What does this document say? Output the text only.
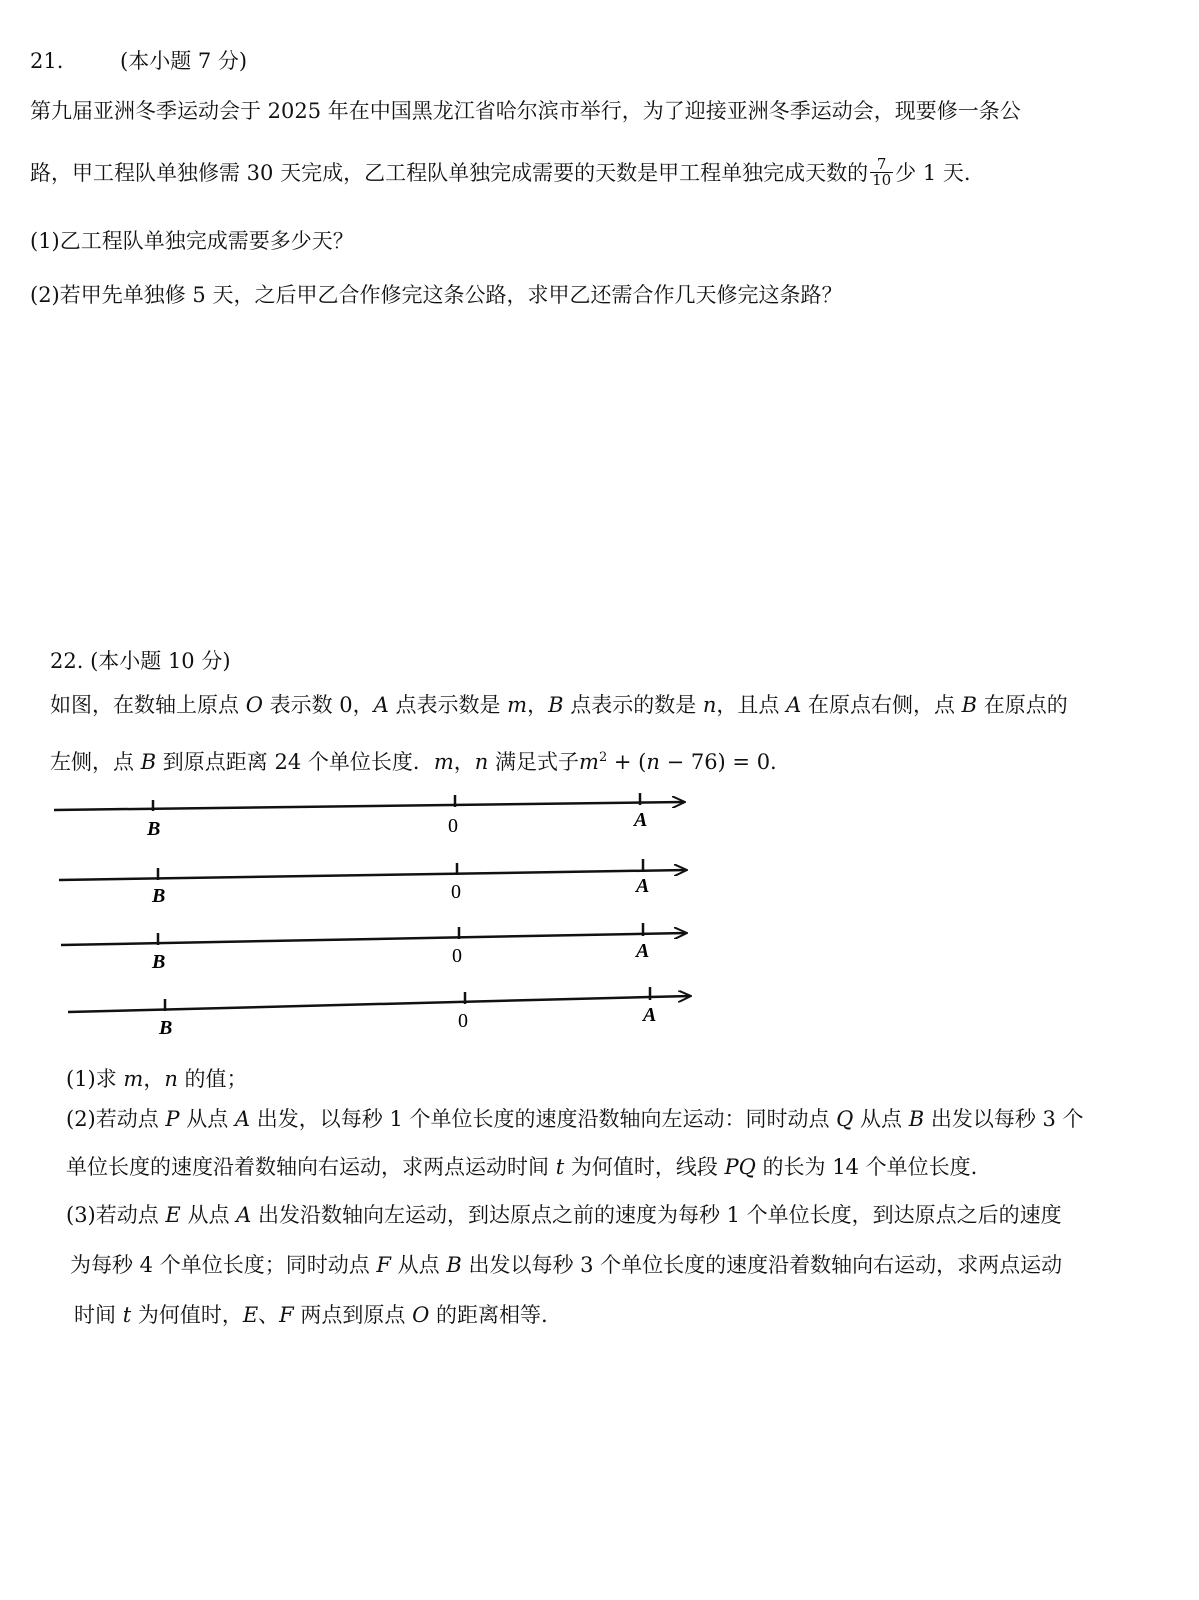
21.	(本小题 7 分)
第九届亚洲冬季运动会于 2025 年在中国黑龙江省哈尔滨市举行，为了迎接亚洲冬季运动会，现要修一条公
路，甲工程队单独修需 30 天完成，乙工程队单独完成需要的天数是甲工程单独完成天数的 $\frac{7}{10}$ 少 1 天.
(1)乙工程队单独完成需要多少天？
(2)若甲先单独修 5 天，之后甲乙合作修完这条公路，求甲乙还需合作几天修完这条路？
22. (本小题 10 分)
如图，在数轴上原点 O 表示数 0，A 点表示数是 m，B 点表示的数是 n，且点 A 在原点右侧，点 B 在原点的
左侧，点 B 到原点距离 24 个单位长度．m，n 满足式子$m^2 + (n - 76) = 0$.
B	0	A
B	0	A
B	0	A
B	0	A
(1)求 m，n 的值；
(2)若动点 P 从点 A 出发，以每秒 1 个单位长度的速度沿数轴向左运动：同时动点 Q 从点 B 出发以每秒 3 个
单位长度的速度沿着数轴向右运动，求两点运动时间 t 为何值时，线段 PQ 的长为 14 个单位长度.
(3)若动点 E 从点 A 出发沿数轴向左运动，到达原点之前的速度为每秒 1 个单位长度，到达原点之后的速度
为每秒 4 个单位长度；同时动点 F 从点 B 出发以每秒 3 个单位长度的速度沿着数轴向右运动，求两点运动
时间 t 为何值时，E、F 两点到原点 O 的距离相等.
